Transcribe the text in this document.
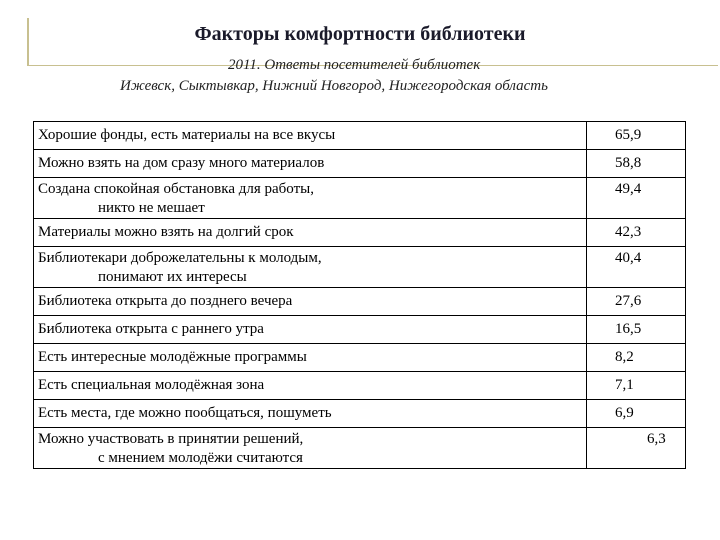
Факторы комфортности библиотеки
2011. Ответы посетителей библиотек
Ижевск, Сыктывкар, Нижний Новгород, Нижегородская область
Хорошие фонды, есть материалы на все вкусы	65,9
Можно взять на дом сразу много материалов	58,8
Создана спокойная обстановка для работы,
никто не мешает	49,4
Материалы можно взять на долгий срок	42,3
Библиотекари доброжелательны к молодым,
понимают их интересы	40,4
Библиотека открыта до позднего вечера	27,6
Библиотека открыта с раннего утра	16,5
Есть интересные молодёжные программы	8,2
Есть специальная молодёжная зона	7,1
Есть места, где можно пообщаться, пошуметь	6,9
Можно участвовать в принятии решений,
с мнением молодёжи считаются	6,3
